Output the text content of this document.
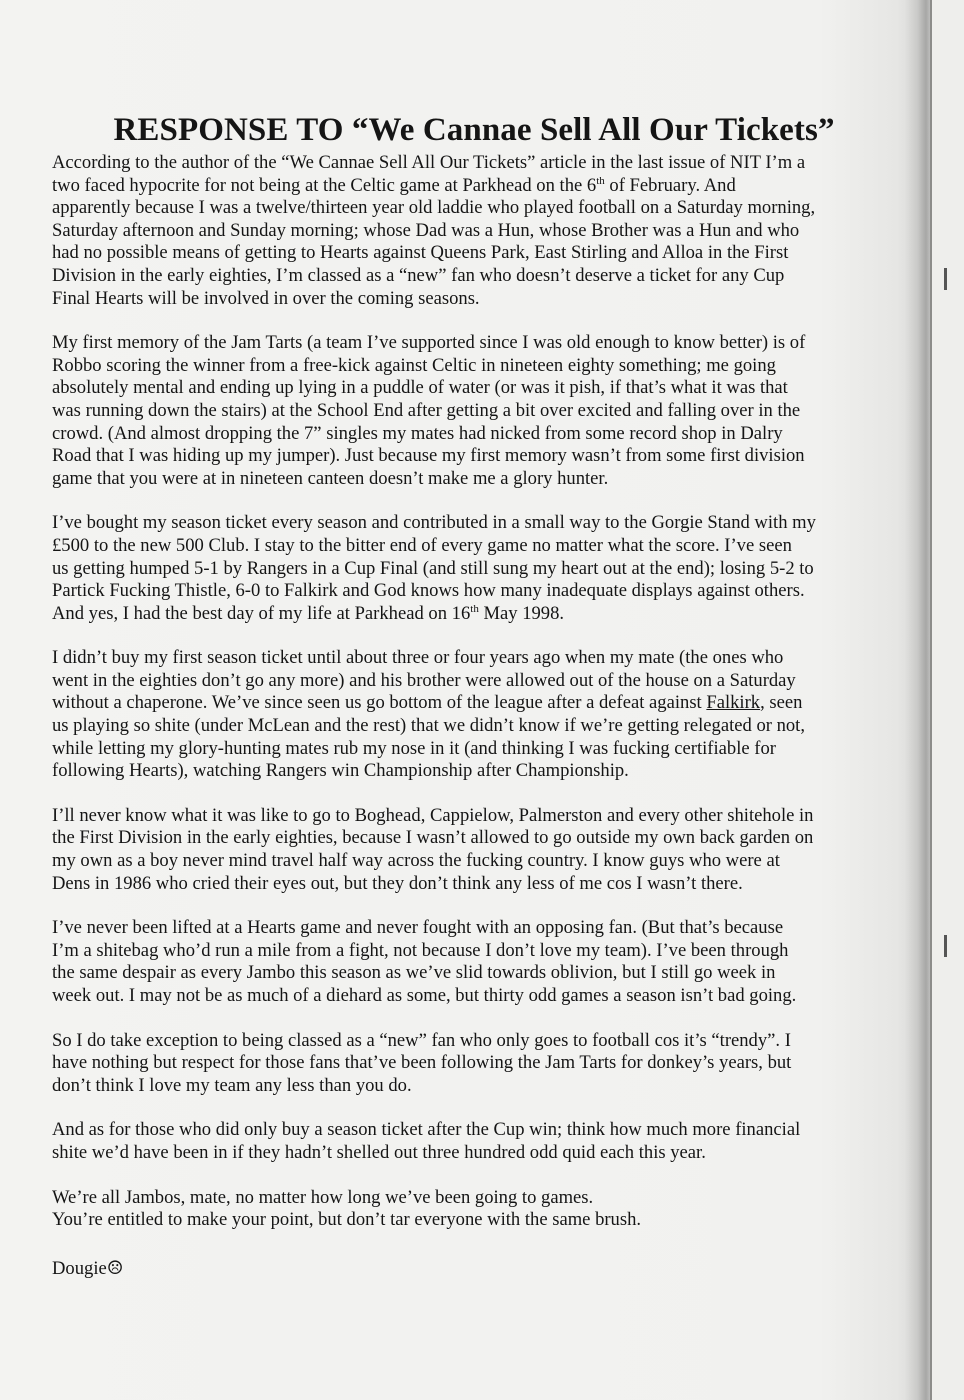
RESPONSE TO “We Cannae Sell All Our Tickets”
According to the author of the “We Cannae Sell All Our Tickets” article in the last issue of NIT I’m a
two faced hypocrite for not being at the Celtic game at Parkhead on the 6th of February. And
apparently because I was a twelve/thirteen year old laddie who played football on a Saturday morning,
Saturday afternoon and Sunday morning; whose Dad was a Hun, whose Brother was a Hun and who
had no possible means of getting to Hearts against Queens Park, East Stirling and Alloa in the First
Division in the early eighties, I’m classed as a “new” fan who doesn’t deserve a ticket for any Cup
Final Hearts will be involved in over the coming seasons.
My first memory of the Jam Tarts (a team I’ve supported since I was old enough to know better) is of
Robbo scoring the winner from a free-kick against Celtic in nineteen eighty something; me going
absolutely mental and ending up lying in a puddle of water (or was it pish, if that’s what it was that
was running down the stairs) at the School End after getting a bit over excited and falling over in the
crowd. (And almost dropping the 7” singles my mates had nicked from some record shop in Dalry
Road that I was hiding up my jumper). Just because my first memory wasn’t from some first division
game that you were at in nineteen canteen doesn’t make me a glory hunter.
I’ve bought my season ticket every season and contributed in a small way to the Gorgie Stand with my
£500 to the new 500 Club. I stay to the bitter end of every game no matter what the score. I’ve seen
us getting humped 5-1 by Rangers in a Cup Final (and still sung my heart out at the end); losing 5-2 to
Partick Fucking Thistle, 6-0 to Falkirk and God knows how many inadequate displays against others.
And yes, I had the best day of my life at Parkhead on 16th May 1998.
I didn’t buy my first season ticket until about three or four years ago when my mate (the ones who
went in the eighties don’t go any more) and his brother were allowed out of the house on a Saturday
without a chaperone. We’ve since seen us go bottom of the league after a defeat against Falkirk, seen
us playing so shite (under McLean and the rest) that we didn’t know if we’re getting relegated or not,
while letting my glory-hunting mates rub my nose in it (and thinking I was fucking certifiable for
following Hearts), watching Rangers win Championship after Championship.
I’ll never know what it was like to go to Boghead, Cappielow, Palmerston and every other shitehole in
the First Division in the early eighties, because I wasn’t allowed to go outside my own back garden on
my own as a boy never mind travel half way across the fucking country. I know guys who were at
Dens in 1986 who cried their eyes out, but they don’t think any less of me cos I wasn’t there.
I’ve never been lifted at a Hearts game and never fought with an opposing fan. (But that’s because
I’m a shitebag who’d run a mile from a fight, not because I don’t love my team). I’ve been through
the same despair as every Jambo this season as we’ve slid towards oblivion, but I still go week in
week out. I may not be as much of a diehard as some, but thirty odd games a season isn’t bad going.
So I do take exception to being classed as a “new” fan who only goes to football cos it’s “trendy”. I
have nothing but respect for those fans that’ve been following the Jam Tarts for donkey’s years, but
don’t think I love my team any less than you do.
And as for those who did only buy a season ticket after the Cup win; think how much more financial
shite we’d have been in if they hadn’t shelled out three hundred odd quid each this year.
We’re all Jambos, mate, no matter how long we’ve been going to games.
You’re entitled to make your point, but don’t tar everyone with the same brush.
Dougie☹
